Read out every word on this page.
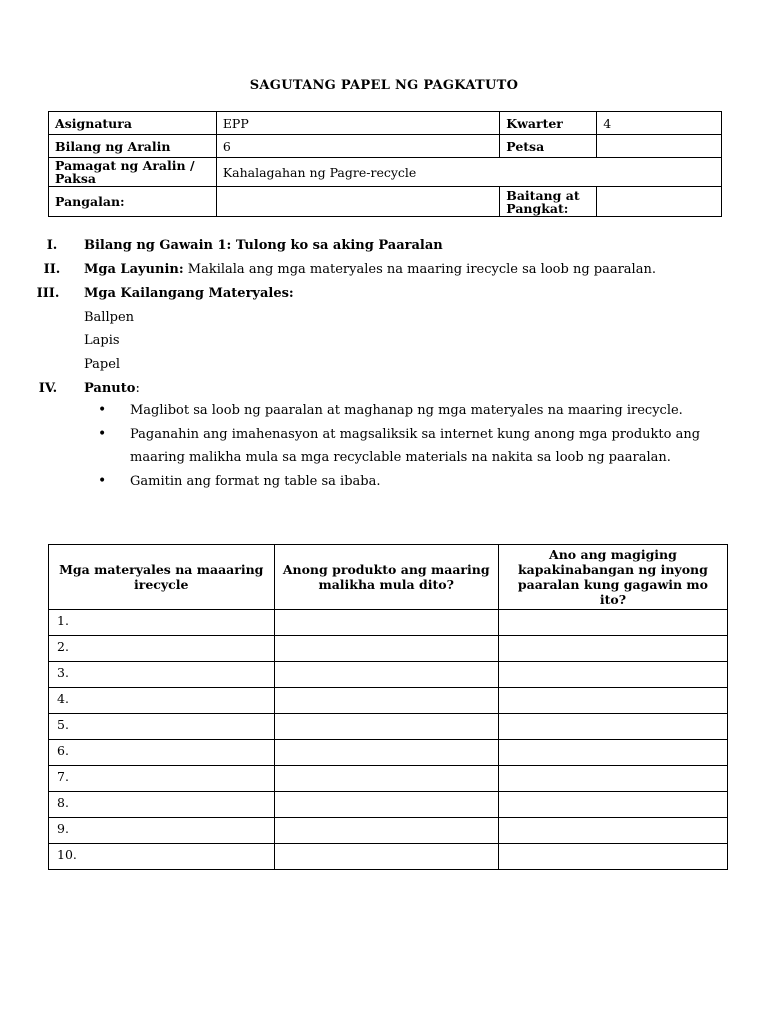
SAGUTANG PAPEL NG PAGKATUTO
Asignatura	EPP	Kwarter	4
Bilang ng Aralin	6	Petsa	
Pamagat ng Aralin / Paksa	Kahalagahan ng Pagre-recycle		
Pangalan:		Baitang at Pangkat:	
I.	Bilang ng Gawain 1: Tulong ko sa aking Paaralan
II.	Mga Layunin: Makilala ang mga materyales na maaring irecycle sa loob ng paaralan.
III.	Mga Kailangang Materyales:
Ballpen
Lapis
Papel
IV.	Panuto:
• Maglibot sa loob ng paaralan at maghanap ng mga materyales na maaring irecycle.
• Paganahin ang imahenasyon at magsaliksik sa internet kung anong mga produkto ang maaring malikha mula sa mga recyclable materials na nakita sa loob ng paaralan.
• Gamitin ang format ng table sa ibaba.
Mga materyales na maaaring irecycle	Anong produkto ang maaring malikha mula dito?	Ano ang magiging kapakinabangan ng inyong paaralan kung gagawin mo ito?
1.		
2.		
3.		
4.		
5.		
6.		
7.		
8.		
9.		
10.		
